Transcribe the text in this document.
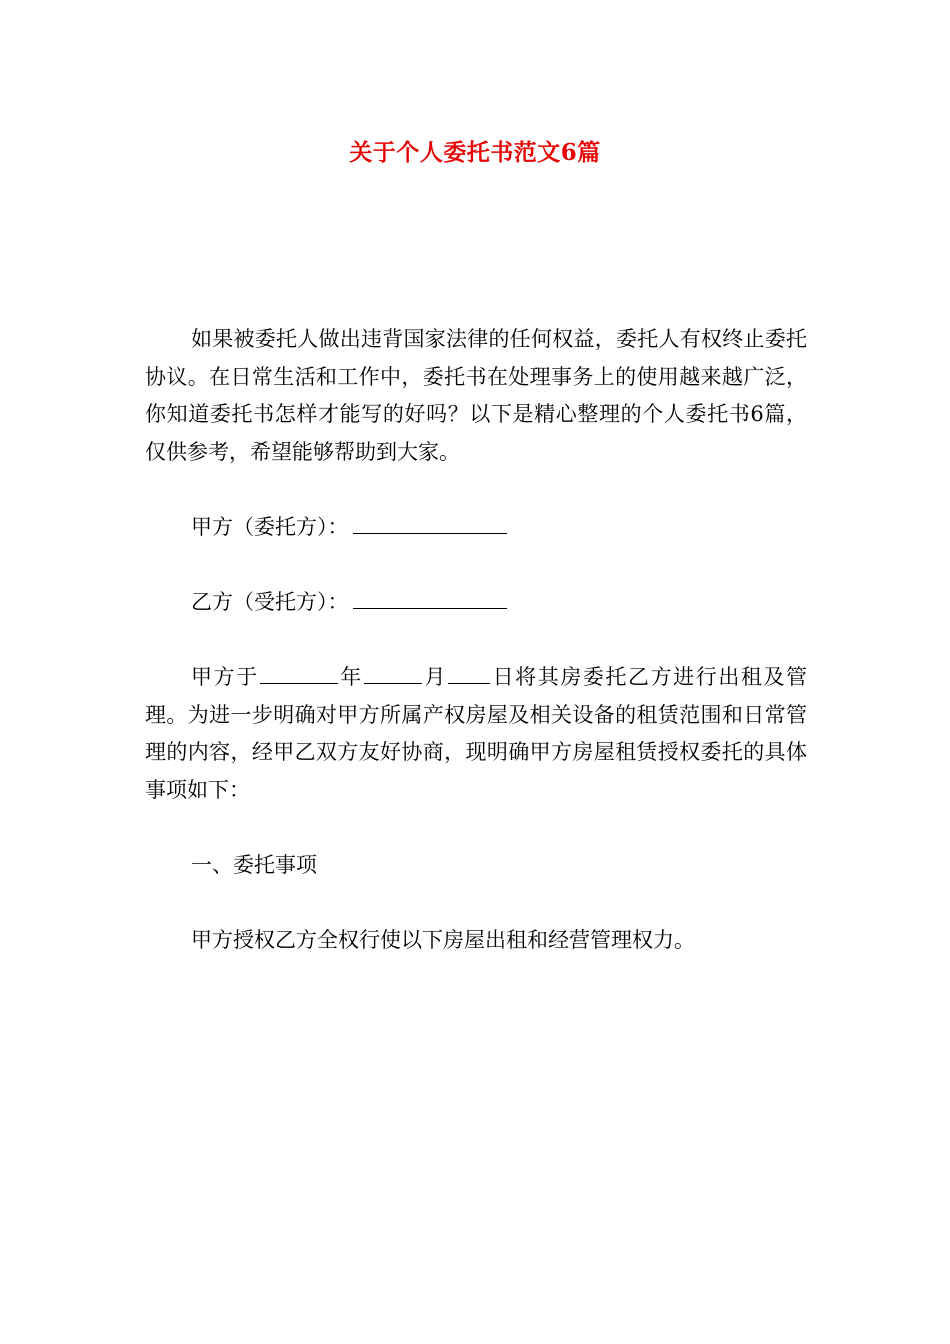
关于个人委托书范文6篇

如果被委托人做出违背国家法律的任何权益，委托人有权终止委托协议。在日常生活和工作中，委托书在处理事务上的使用越来越广泛，你知道委托书怎样才能写的好吗？以下是精心整理的个人委托书6篇，仅供参考，希望能够帮助到大家。

甲方（委托方）：

乙方（受托方）：

甲方于	年	月 日将其房委托乙方进行出租及管理。为进一步明确对甲方所属产权房屋及相关设备的租赁范围和日常管理的内容，经甲乙双方友好协商，现明确甲方房屋租赁授权委托的具体事项如下：

一、委托事项

甲方授权乙方全权行使以下房屋出租和经营管理权力。
